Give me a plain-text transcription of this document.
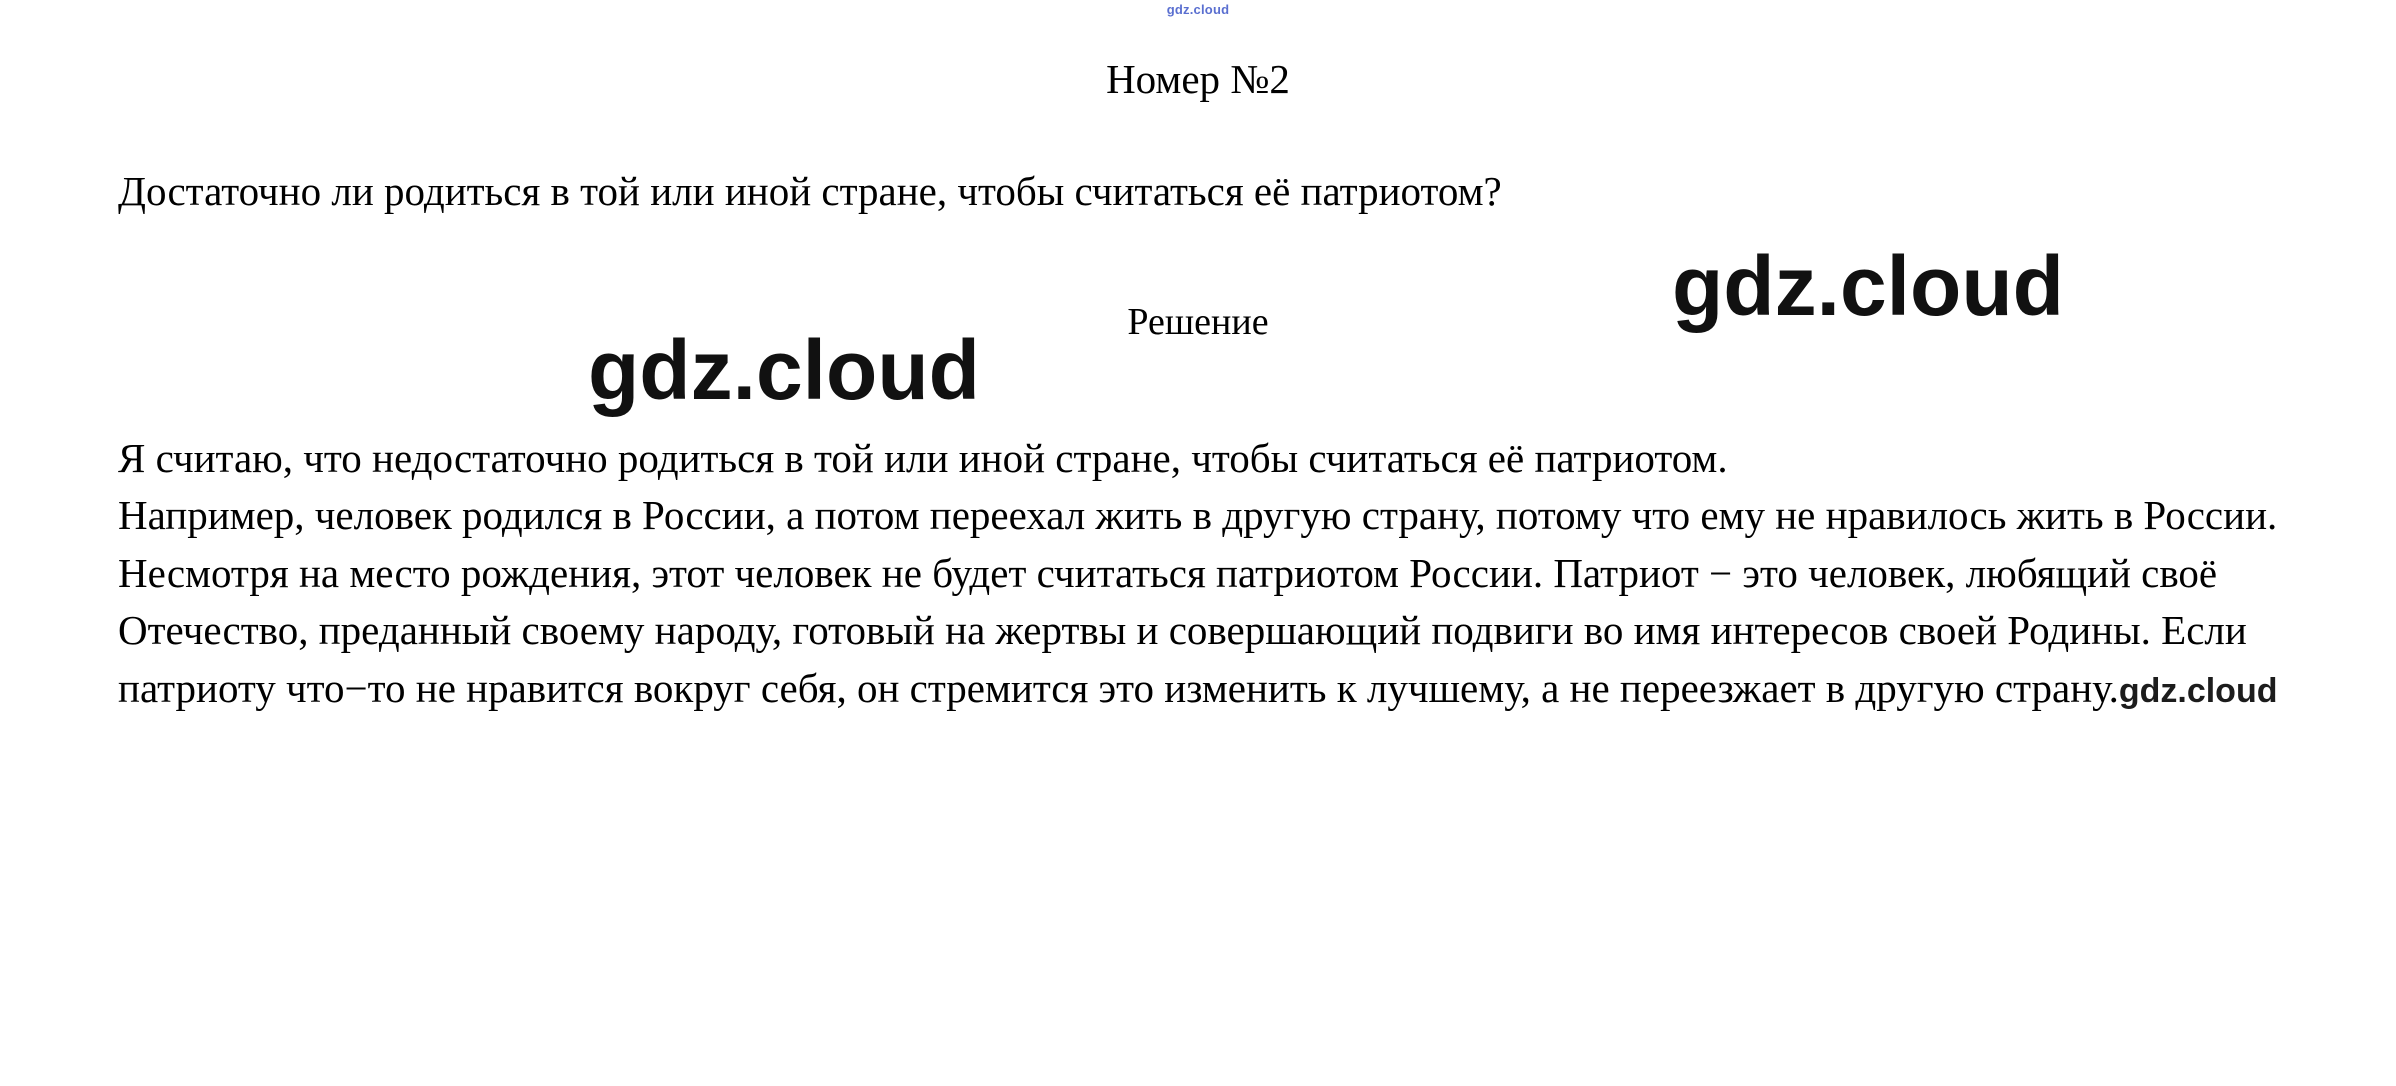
gdz.cloud
Номер №2
Достаточно ли родиться в той или иной стране, чтобы считаться её патриотом?
Решение

Я считаю, что недостаточно родиться в той или иной стране, чтобы считаться её патриотом.

Например, человек родился в России, а потом переехал жить в другую страну, потому что ему не нравилось жить в России. Несмотря на место рождения, этот человек не будет считаться патриотом России. Патриот − это человек, любящий своё Отечество, преданный своему народу, готовый на жертвы и совершающий подвиги во имя интересов своей Родины. Если патриоту что−то не нравится вокруг себя, он стремится это изменить к лучшему, а не переезжает в другую страну.gdz.cloud

gdz.cloud
gdz.cloud
